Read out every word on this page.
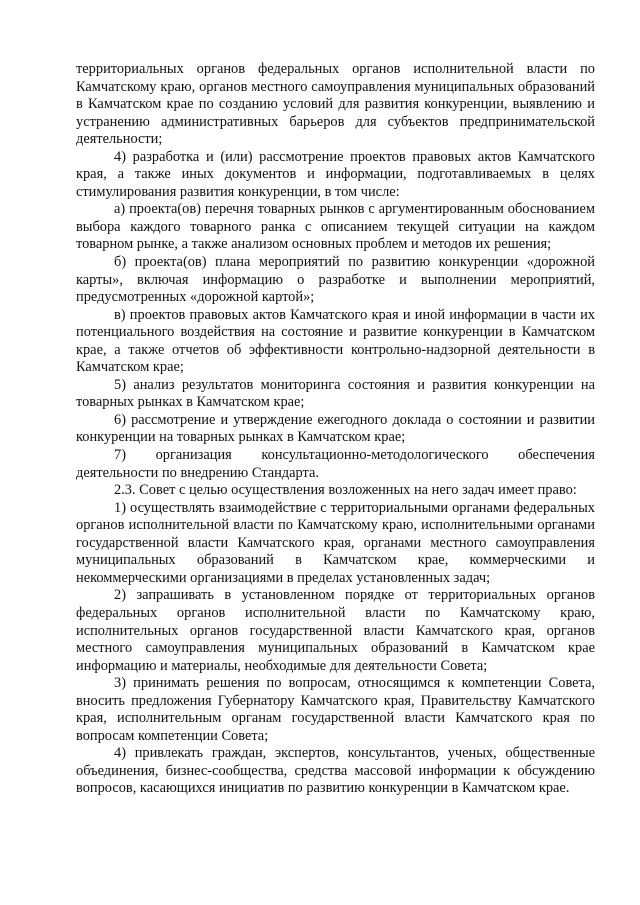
территориальных органов федеральных органов исполнительной власти по Камчатскому краю, органов местного самоуправления муниципальных образований в Камчатском крае по созданию условий для развития конкуренции, выявлению и устранению административных барьеров для субъектов предпринимательской деятельности;

4) разработка и (или) рассмотрение проектов правовых актов Камчатского края, а также иных документов и информации, подготавливаемых в целях стимулирования развития конкуренции, в том числе:

а) проекта(ов) перечня товарных рынков с аргументированным обоснованием выбора каждого товарного ранка с описанием текущей ситуации на каждом товарном рынке, а также анализом основных проблем и методов их решения;

б) проекта(ов) плана мероприятий по развитию конкуренции «дорожной карты», включая информацию о разработке и выполнении мероприятий, предусмотренных «дорожной картой»;

в) проектов правовых актов Камчатского края и иной информации в части их потенциального воздействия на состояние и развитие конкуренции в Камчатском крае, а также отчетов об эффективности контрольно-надзорной деятельности в Камчатском крае;

5) анализ результатов мониторинга состояния и развития конкуренции на товарных рынках в Камчатском крае;

6) рассмотрение и утверждение ежегодного доклада о состоянии и развитии конкуренции на товарных рынках в Камчатском крае;

7) организация консультационно-методологического обеспечения деятельности по внедрению Стандарта.

2.3. Совет с целью осуществления возложенных на него задач имеет право:

1) осуществлять взаимодействие с территориальными органами федеральных органов исполнительной власти по Камчатскому краю, исполнительными органами государственной власти Камчатского края, органами местного самоуправления муниципальных образований в Камчатском крае, коммерческими и некоммерческими организациями в пределах установленных задач;

2) запрашивать в установленном порядке от территориальных органов федеральных органов исполнительной власти по Камчатскому краю, исполнительных органов государственной власти Камчатского края, органов местного самоуправления муниципальных образований в Камчатском крае информацию и материалы, необходимые для деятельности Совета;

3) принимать решения по вопросам, относящимся к компетенции Совета, вносить предложения Губернатору Камчатского края, Правительству Камчатского края, исполнительным органам государственной власти Камчатского края по вопросам компетенции Совета;

4) привлекать граждан, экспертов, консультантов, ученых, общественные объединения, бизнес-сообщества, средства массовой информации к обсуждению вопросов, касающихся инициатив по развитию конкуренции в Камчатском крае.
